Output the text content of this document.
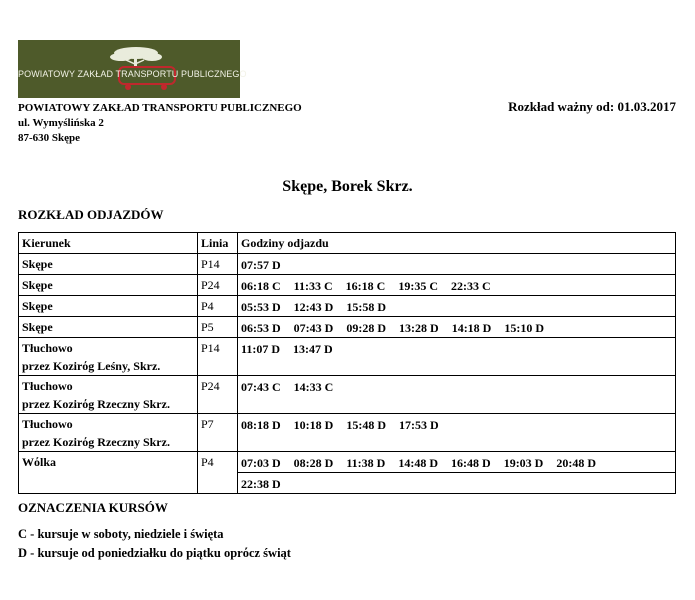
POWIATOWY ZAKŁAD TRANSPORTU PUBLICZNEGO
POWIATOWY ZAKŁAD TRANSPORTU PUBLICZNEGO
ul. Wymyślińska 2
87-630 Skępe
Rozkład ważny od: 01.03.2017
Skępe, Borek Skrz.
ROZKŁAD ODJAZDÓW
Kierunek	Linia	Godziny odjazdu

Skępe	P14	07:57 D

Skępe	P24	06:18 C 11:33 C 16:18 C 19:35 C 22:33 C

Skępe	P4	05:53 D 12:43 D 15:58 D

Skępe	P5	06:53 D 07:43 D 09:28 D 13:28 D 14:18 D 15:10 D

Tłuchowo
przez Kozirόg Leśny, Skrz.	P14	11:07 D 13:47 D

Tłuchowo
przez Kozirόg Rzeczny Skrz.	P24	07:43 C 14:33 C

Tłuchowo
przez Kozirόg Rzeczny Skrz.	P7	08:18 D 10:18 D 15:48 D 17:53 D

Wόlka	P4	07:03 D 08:28 D 11:38 D 14:48 D 16:48 D 19:03 D 20:48 D
		22:38 D
OZNACZENIA KURSÓW
C - kursuje w soboty, niedziele i święta
D - kursuje od poniedziałku do piątku oprόcz świąt
